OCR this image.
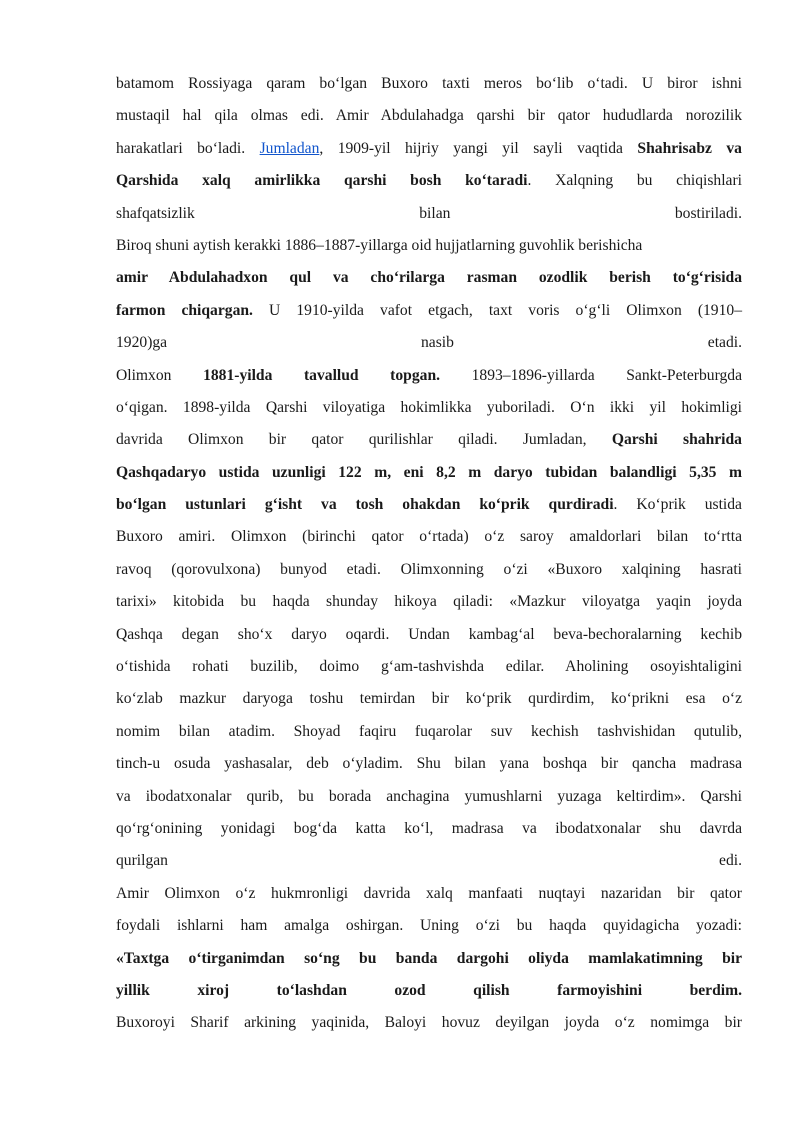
batamom Rossiyaga qaram boʻlgan Buxoro taxti meros boʻlib oʻtadi. U biror ishni
mustaqil hal qila olmas edi. Amir Abdulahadga qarshi bir qator hududlarda norozilik
harakatlari boʻladi. Jumladan, 1909-yil hijriy yangi yil sayli vaqtida Shahrisabz va
Qarshida xalq amirlikka qarshi bosh koʻtaradi. Xalqning bu chiqishlari
shafqatsizlik bilan bostiriladi.
Biroq shuni aytish kerakki 1886–1887-yillarga oid hujjatlarning guvohlik berishicha
amir Abdulahadxon qul va choʻrilarga rasman ozodlik berish toʻgʻrisida
farmon chiqargan. U 1910-yilda vafot etgach, taxt voris oʻgʻli Olimxon (1910–
1920)ga nasib etadi.
Olimxon 1881-yilda tavallud topgan. 1893–1896-yillarda Sankt-Peterburgda
oʻqigan. 1898-yilda Qarshi viloyatiga hokimlikka yuboriladi. Oʻn ikki yil hokimligi
davrida Olimxon bir qator qurilishlar qiladi. Jumladan, Qarshi shahrida
Qashqadaryo ustida uzunligi 122 m, eni 8,2 m daryo tubidan balandligi 5,35 m
boʻlgan ustunlari gʻisht va tosh ohakdan koʻprik qurdiradi. Koʻprik ustida
Buxoro amiri. Olimxon (birinchi qator oʻrtada) oʻz saroy amaldorlari bilan toʻrtta
ravoq (qorovulxona) bunyod etadi. Olimxonning oʻzi «Buxoro xalqining hasrati
tarixi» kitobida bu haqda shunday hikoya qiladi: «Mazkur viloyatga yaqin joyda
Qashqa degan shoʻx daryo oqardi. Undan kambagʻal beva-bechoralarning kechib
oʻtishida rohati buzilib, doimo gʻam-tashvishda edilar. Aholining osoyishtaligini
koʻzlab mazkur daryoga toshu temirdan bir koʻprik qurdirdim, koʻprikni esa oʻz
nomim bilan atadim. Shoyad faqiru fuqarolar suv kechish tashvishidan qutulib,
tinch-u osuda yashasalar, deb oʻyladim. Shu bilan yana boshqa bir qancha madrasa
va ibodatxonalar qurib, bu borada anchagina yumushlarni yuzaga keltirdim». Qarshi
qoʻrgʻonining yonidagi bogʻda katta koʻl, madrasa va ibodatxonalar shu davrda
qurilgan edi.
Amir Olimxon oʻz hukmronligi davrida xalq manfaati nuqtayi nazaridan bir qator
foydali ishlarni ham amalga oshirgan. Uning oʻzi bu haqda quyidagicha yozadi:
«Taxtga oʻtirganimdan soʻng bu banda dargohi oliyda mamlakatimning bir
yillik xiroj toʻlashdan ozod qilish farmoyishini berdim.
Buxoroyi Sharif arkining yaqinida, Baloyi hovuz deyilgan joyda oʻz nomimga bir
